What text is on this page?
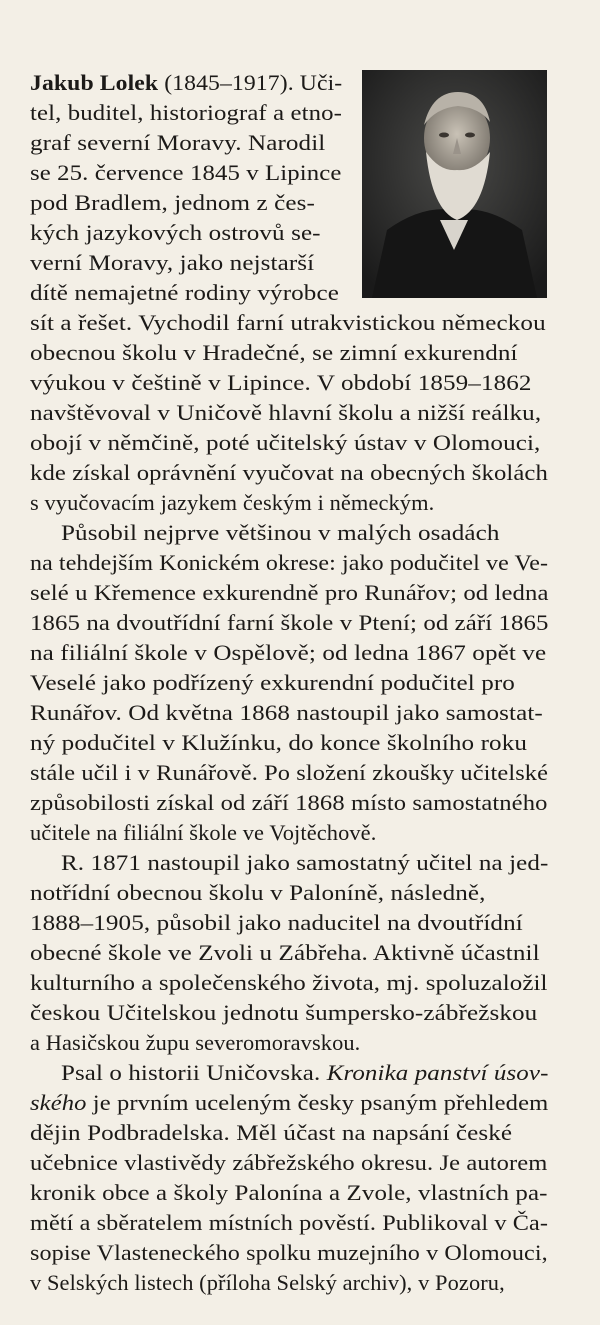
Jakub Lolek (1845–1917). Uči-
tel, buditel, historiograf a etno-
graf severní Moravy. Narodil
se 25. července 1845 v Lipince
pod Bradlem, jednom z čes-
kých jazykových ostrovů se-
verní Moravy, jako nejstarší
dítě nemajetné rodiny výrobce
sít a řešet. Vychodil farní utrakvistickou německou
obecnou školu v Hradečné, se zimní exkurendní
výukou v češtině v Lipince. V období 1859–1862
navštěvoval v Uničově hlavní školu a nižší reálku,
obojí v němčině, poté učitelský ústav v Olomouci,
kde získal oprávnění vyučovat na obecných školách
s vyučovacím jazykem českým i německým.
Působil nejprve většinou v malých osadách
na tehdejším Konickém okrese: jako podučitel ve Ve-
selé u Křemence exkurendně pro Runářov; od ledna
1865 na dvoutřídní farní škole v Ptení; od září 1865
na filiální škole v Ospělově; od ledna 1867 opět ve
Veselé jako podřízený exkurendní podučitel pro
Runářov. Od května 1868 nastoupil jako samostat-
ný podučitel v Klužínku, do konce školního roku
stále učil i v Runářově. Po složení zkoušky učitelské
způsobilosti získal od září 1868 místo samostatného
učitele na filiální škole ve Vojtěchově.
R. 1871 nastoupil jako samostatný učitel na jed-
notřídní obecnou školu v Paloníně, následně,
1888–1905, působil jako naducitel na dvoutřídní
obecné škole ve Zvoli u Zábřeha. Aktivně účastnil
kulturního a společenského života, mj. spoluzaložil
českou Učitelskou jednotu šumpersko-zábřežskou
a Hasičskou župu severomoravskou.
Psal o historii Uničovska. Kronika panství úsov-
ského je prvním uceleným česky psaným přehledem
dějin Podbradelska. Měl účast na napsání české
učebnice vlastivědy zábřežského okresu. Je autorem
kronik obce a školy Palonína a Zvole, vlastních pa-
mětí a sběratelem místních pověstí. Publikoval v Ča-
sopise Vlasteneckého spolku muzejního v Olomouci,
v Selských listech (příloha Selský archiv), v Pozoru,
